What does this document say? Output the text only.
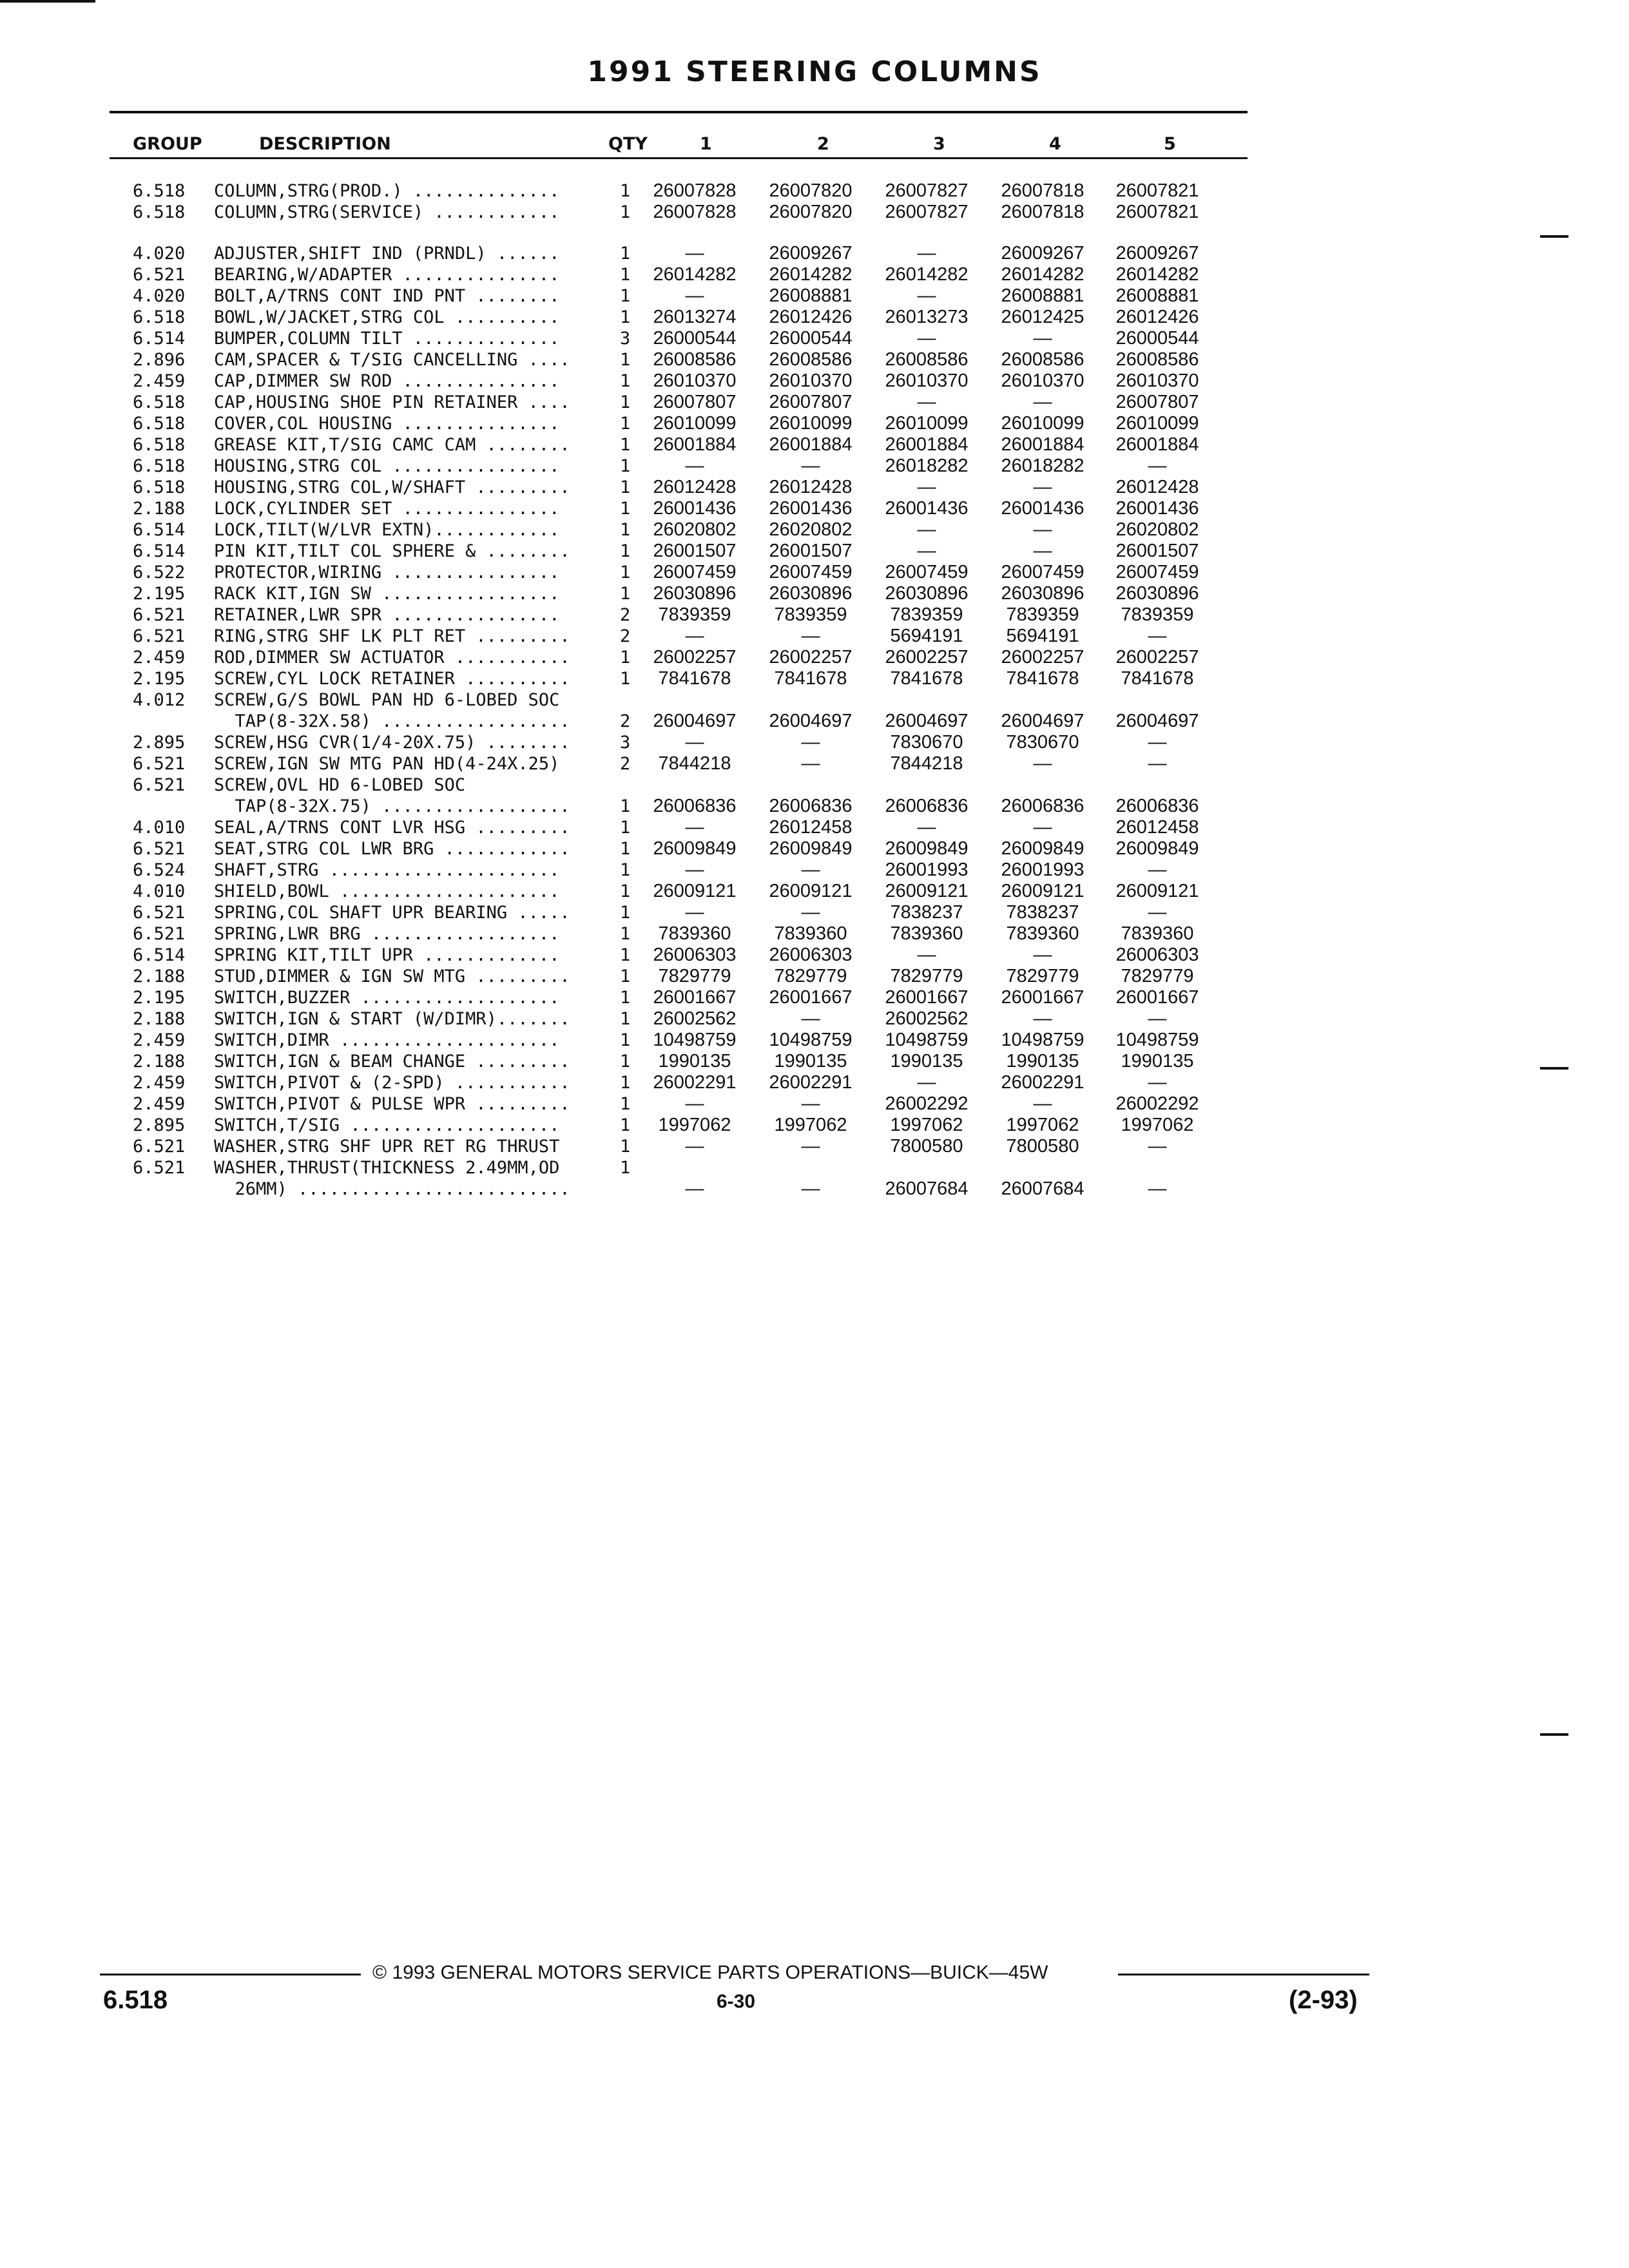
1991 STEERING COLUMNS
GROUP	DESCRIPTION	QTY	1	2	3	4	5
6.518 COLUMN,STRG(PROD.) ..............	1	26007828	26007820	26007827	26007818	26007821
6.518 COLUMN,STRG(SERVICE) ............	1	26007828	26007820	26007827	26007818	26007821
4.020 ADJUSTER,SHIFT IND (PRNDL) ......	1	—	26009267	—	26009267	26009267
6.521 BEARING,W/ADAPTER ...............	1	26014282	26014282	26014282	26014282	26014282
4.020 BOLT,A/TRNS CONT IND PNT ........	1	—	26008881	—	26008881	26008881
6.518 BOWL,W/JACKET,STRG COL ..........	1	26013274	26012426	26013273	26012425	26012426
6.514 BUMPER,COLUMN TILT ..............	3	26000544	26000544	—	—	26000544
2.896 CAM,SPACER & T/SIG CANCELLING ....	1	26008586	26008586	26008586	26008586	26008586
2.459 CAP,DIMMER SW ROD ...............	1	26010370	26010370	26010370	26010370	26010370
6.518 CAP,HOUSING SHOE PIN RETAINER ....	1	26007807	26007807	—	—	26007807
6.518 COVER,COL HOUSING ...............	1	26010099	26010099	26010099	26010099	26010099
6.518 GREASE KIT,T/SIG CAMC CAM ........	1	26001884	26001884	26001884	26001884	26001884
6.518 HOUSING,STRG COL ................	1	—	—	26018282	26018282	—
6.518 HOUSING,STRG COL,W/SHAFT .........	1	26012428	26012428	—	—	26012428
2.188 LOCK,CYLINDER SET ...............	1	26001436	26001436	26001436	26001436	26001436
6.514 LOCK,TILT(W/LVR EXTN)............	1	26020802	26020802	—	—	26020802
6.514 PIN KIT,TILT COL SPHERE & ........	1	26001507	26001507	—	—	26001507
6.522 PROTECTOR,WIRING ................	1	26007459	26007459	26007459	26007459	26007459
2.195 RACK KIT,IGN SW .................	1	26030896	26030896	26030896	26030896	26030896
6.521 RETAINER,LWR SPR ................	2	7839359	7839359	7839359	7839359	7839359
6.521 RING,STRG SHF LK PLT RET .........	2	—	—	5694191	5694191	—
2.459 ROD,DIMMER SW ACTUATOR ...........	1	26002257	26002257	26002257	26002257	26002257
2.195 SCREW,CYL LOCK RETAINER ..........	1	7841678	7841678	7841678	7841678	7841678
4.012 SCREW,G/S BOWL PAN HD 6-LOBED SOC
TAP(8-32X.58) ..................	2	26004697	26004697	26004697	26004697	26004697
2.895 SCREW,HSG CVR(1/4-20X.75) ........	3	—	—	7830670	7830670	—
6.521 SCREW,IGN SW MTG PAN HD(4-24X.25)	2	7844218	—	7844218	—	—
6.521 SCREW,OVL HD 6-LOBED SOC
TAP(8-32X.75) ..................	1	26006836	26006836	26006836	26006836	26006836
4.010 SEAL,A/TRNS CONT LVR HSG .........	1	—	26012458	—	—	26012458
6.521 SEAT,STRG COL LWR BRG ............	1	26009849	26009849	26009849	26009849	26009849
6.524 SHAFT,STRG ......................	1	—	—	26001993	26001993	—
4.010 SHIELD,BOWL .....................	1	26009121	26009121	26009121	26009121	26009121
6.521 SPRING,COL SHAFT UPR BEARING .....	1	—	—	7838237	7838237	—
6.521 SPRING,LWR BRG ..................	1	7839360	7839360	7839360	7839360	7839360
6.514 SPRING KIT,TILT UPR .............	1	26006303	26006303	—	—	26006303
2.188 STUD,DIMMER & IGN SW MTG .........	1	7829779	7829779	7829779	7829779	7829779
2.195 SWITCH,BUZZER ...................	1	26001667	26001667	26001667	26001667	26001667
2.188 SWITCH,IGN & START (W/DIMR).......	1	26002562	—	26002562	—	—
2.459 SWITCH,DIMR .....................	1	10498759	10498759	10498759	10498759	10498759
2.188 SWITCH,IGN & BEAM CHANGE .........	1	1990135	1990135	1990135	1990135	1990135
2.459 SWITCH,PIVOT & (2-SPD) ...........	1	26002291	26002291	—	26002291	—
2.459 SWITCH,PIVOT & PULSE WPR .........	1	—	—	26002292	—	26002292
2.895 SWITCH,T/SIG ....................	1	1997062	1997062	1997062	1997062	1997062
6.521 WASHER,STRG SHF UPR RET RG THRUST	1	—	—	7800580	7800580	—
6.521 WASHER,THRUST(THICKNESS 2.49MM,OD	1
26MM) ..........................	—	—	26007684	26007684	—
© 1993 GENERAL MOTORS SERVICE PARTS OPERATIONS—BUICK—45W
6.518	6-30	(2-93)
